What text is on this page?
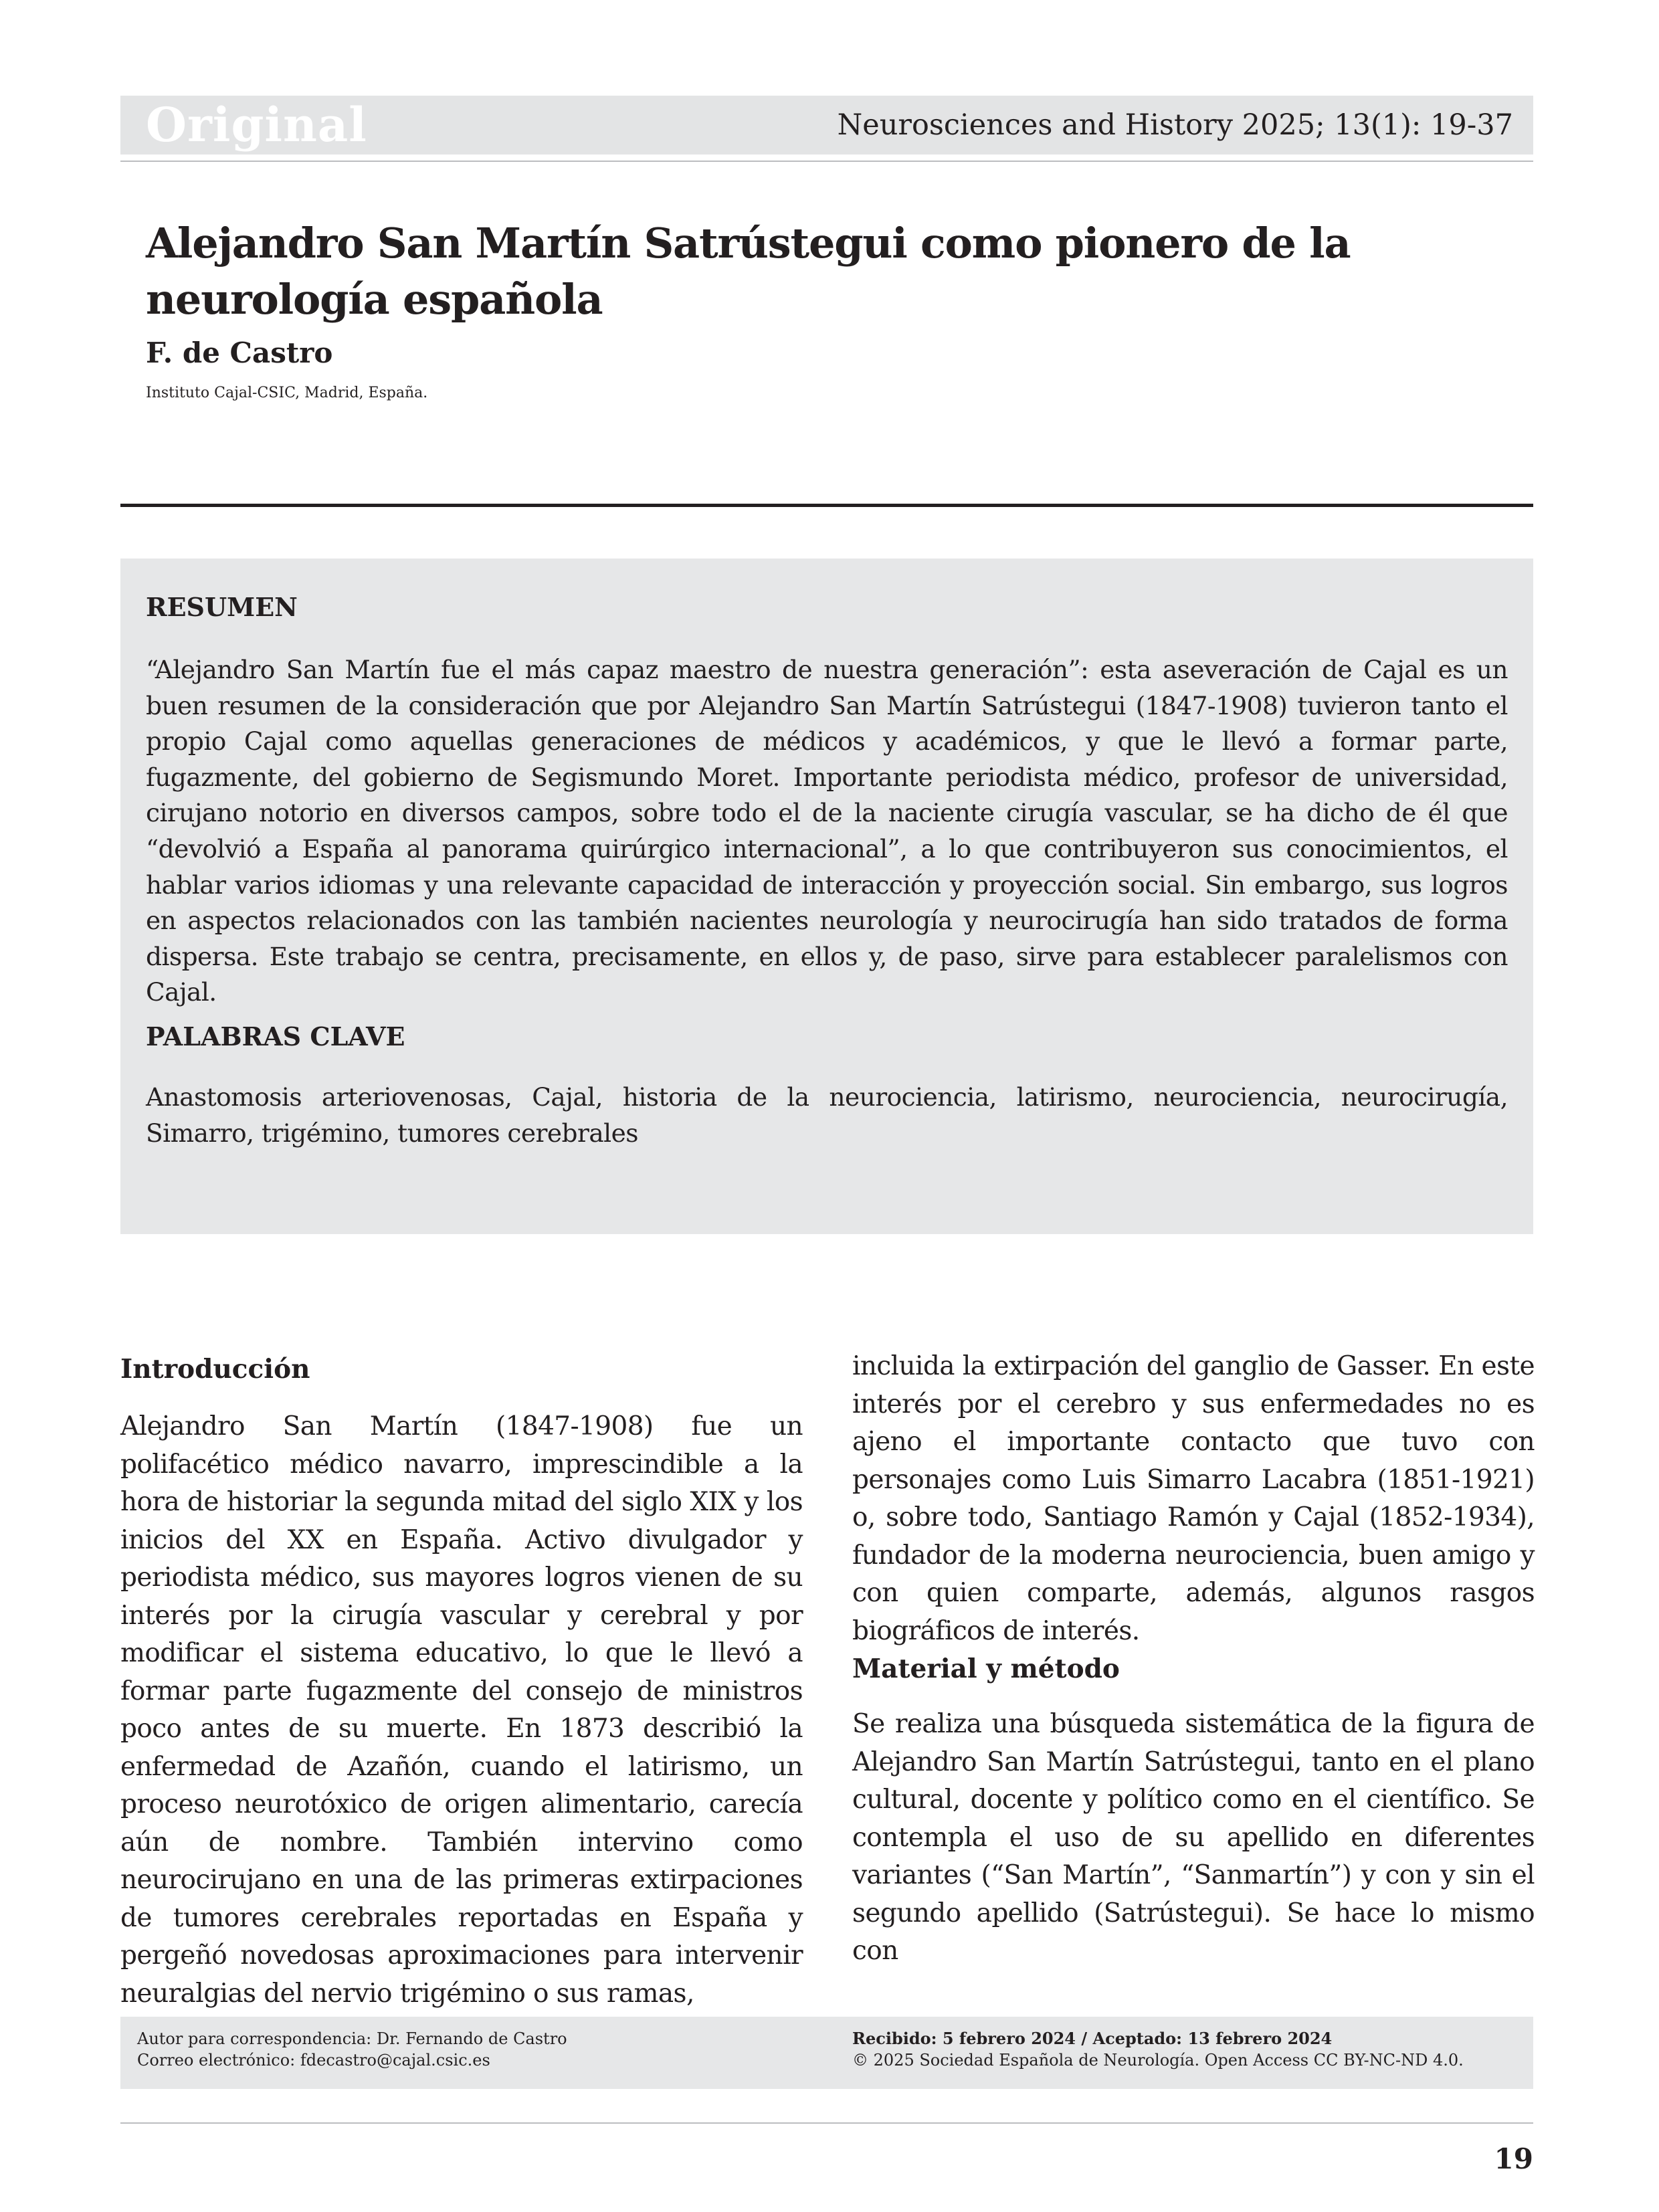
Original	Neurosciences and History 2025; 13(1): 19-37
Alejandro San Martín Satrústegui como pionero de la neurología española
F. de Castro
Instituto Cajal-CSIC, Madrid, España.
RESUMEN
“Alejandro San Martín fue el más capaz maestro de nuestra generación”: esta aseveración de Cajal es un buen resumen de la consideración que por Alejandro San Martín Satrústegui (1847-1908) tuvieron tanto el propio Cajal como aquellas generaciones de médicos y académicos, y que le llevó a formar parte, fugazmente, del gobierno de Segismundo Moret. Importante periodista médico, profesor de universidad, cirujano notorio en diversos campos, sobre todo el de la naciente cirugía vascular, se ha dicho de él que “devolvió a España al panorama quirúrgico internacional”, a lo que contribuyeron sus conocimientos, el hablar varios idiomas y una relevante capacidad de interacción y proyección social. Sin embargo, sus logros en aspectos relacionados con las también nacientes neurología y neurocirugía han sido tratados de forma dispersa. Este trabajo se centra, precisamente, en ellos y, de paso, sirve para establecer paralelismos con Cajal.
PALABRAS CLAVE
Anastomosis arteriovenosas, Cajal, historia de la neurociencia, latirismo, neurociencia, neurocirugía, Simarro, trigémino, tumores cerebrales
Introducción
Alejandro San Martín (1847-1908) fue un polifacético médico navarro, imprescindible a la hora de historiar la segunda mitad del siglo XIX y los inicios del XX en España. Activo divulgador y periodista médico, sus mayores logros vienen de su interés por la cirugía vascular y cerebral y por modificar el sistema educativo, lo que le llevó a formar parte fugazmente del consejo de ministros poco antes de su muerte. En 1873 describió la enfermedad de Azañón, cuando el latirismo, un proceso neurotóxico de origen alimentario, carecía aún de nombre. También intervino como neurocirujano en una de las primeras extirpaciones de tumores cerebrales reportadas en España y pergeñó novedosas aproximaciones para intervenir neuralgias del nervio trigémino o sus ramas,
incluida la extirpación del ganglio de Gasser. En este interés por el cerebro y sus enfermedades no es ajeno el importante contacto que tuvo con personajes como Luis Simarro Lacabra (1851-1921) o, sobre todo, Santiago Ramón y Cajal (1852-1934), fundador de la moderna neurociencia, buen amigo y con quien comparte, además, algunos rasgos biográficos de interés.
Material y método
Se realiza una búsqueda sistemática de la figura de Alejandro San Martín Satrústegui, tanto en el plano cultural, docente y político como en el científico. Se contempla el uso de su apellido en diferentes variantes (“San Martín”, “Sanmartín”) y con y sin el segundo apellido (Satrústegui). Se hace lo mismo con
Autor para correspondencia: Dr. Fernando de Castro
Correo electrónico: fdecastro@cajal.csic.es
Recibido: 5 febrero 2024 / Aceptado: 13 febrero 2024
© 2025 Sociedad Española de Neurología. Open Access CC BY-NC-ND 4.0.
19
